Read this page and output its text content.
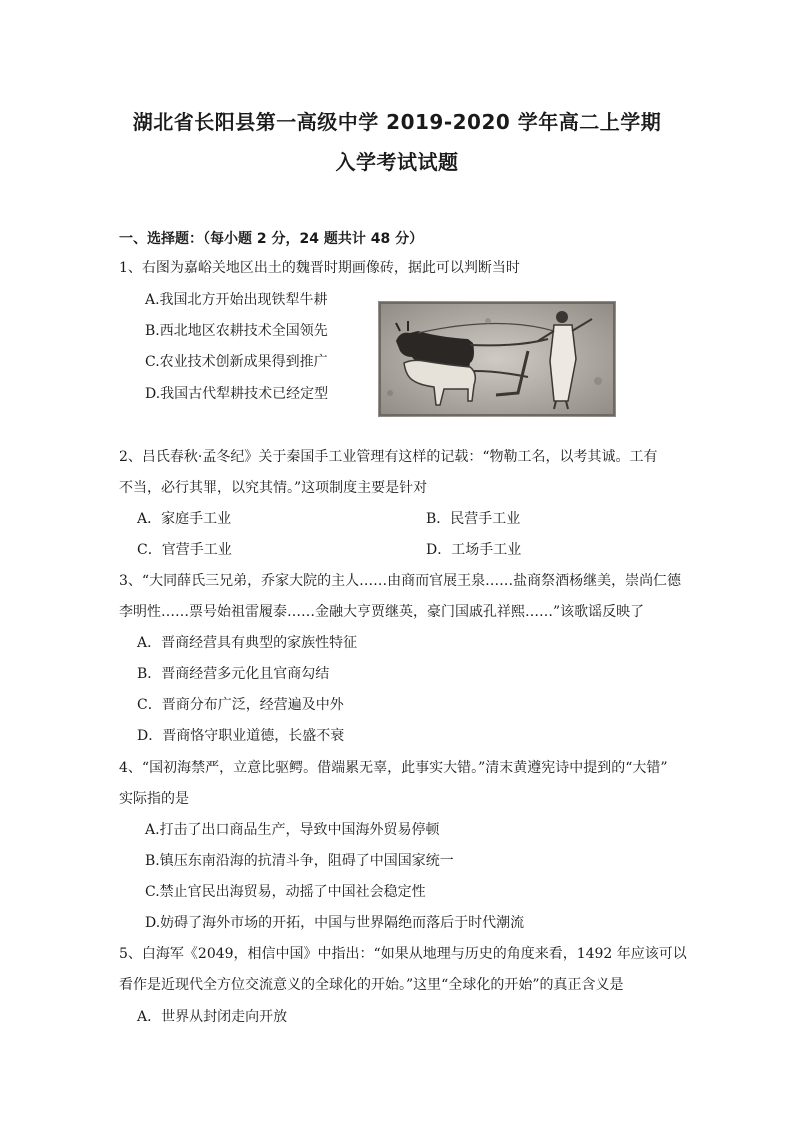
湖北省长阳县第一高级中学 2019-2020 学年高二上学期
入学考试试题
一、选择题：（每小题 2 分，24 题共计 48 分）
1、右图为嘉峪关地区出土的魏晋时期画像砖，据此可以判断当时
A.我国北方开始出现铁犁牛耕
B.西北地区农耕技术全国领先
C.农业技术创新成果得到推广
D.我国古代犁耕技术已经定型
2、吕氏春秋·孟冬纪》关于秦国手工业管理有这样的记载：“物勒工名，以考其诚。工有
不当，必行其罪，以究其情。”这项制度主要是针对
A．家庭手工业	B．民营手工业
C．官营手工业	D．工场手工业
3、“大同薛氏三兄弟，乔家大院的主人……由商而官展王泉……盐商祭酒杨继美，崇尚仁德
李明性……票号始祖雷履泰……金融大亨贾继英，豪门国戚孔祥熙……”该歌谣反映了
A．晋商经营具有典型的家族性特征
B．晋商经营多元化且官商勾结
C．晋商分布广泛，经营遍及中外
D．晋商恪守职业道德，长盛不衰
4、“国初海禁严，立意比驱鳄。借端累无辜，此事实大错。”清末黄遵宪诗中提到的“大错”
实际指的是
A.打击了出口商品生产，导致中国海外贸易停顿
B.镇压东南沿海的抗清斗争，阻碍了中国国家统一
C.禁止官民出海贸易，动摇了中国社会稳定性
D.妨碍了海外市场的开拓，中国与世界隔绝而落后于时代潮流
5、白海军《2049，相信中国》中指出：“如果从地理与历史的角度来看，1492 年应该可以
看作是近现代全方位交流意义的全球化的开始。”这里“全球化的开始”的真正含义是
A．世界从封闭走向开放
